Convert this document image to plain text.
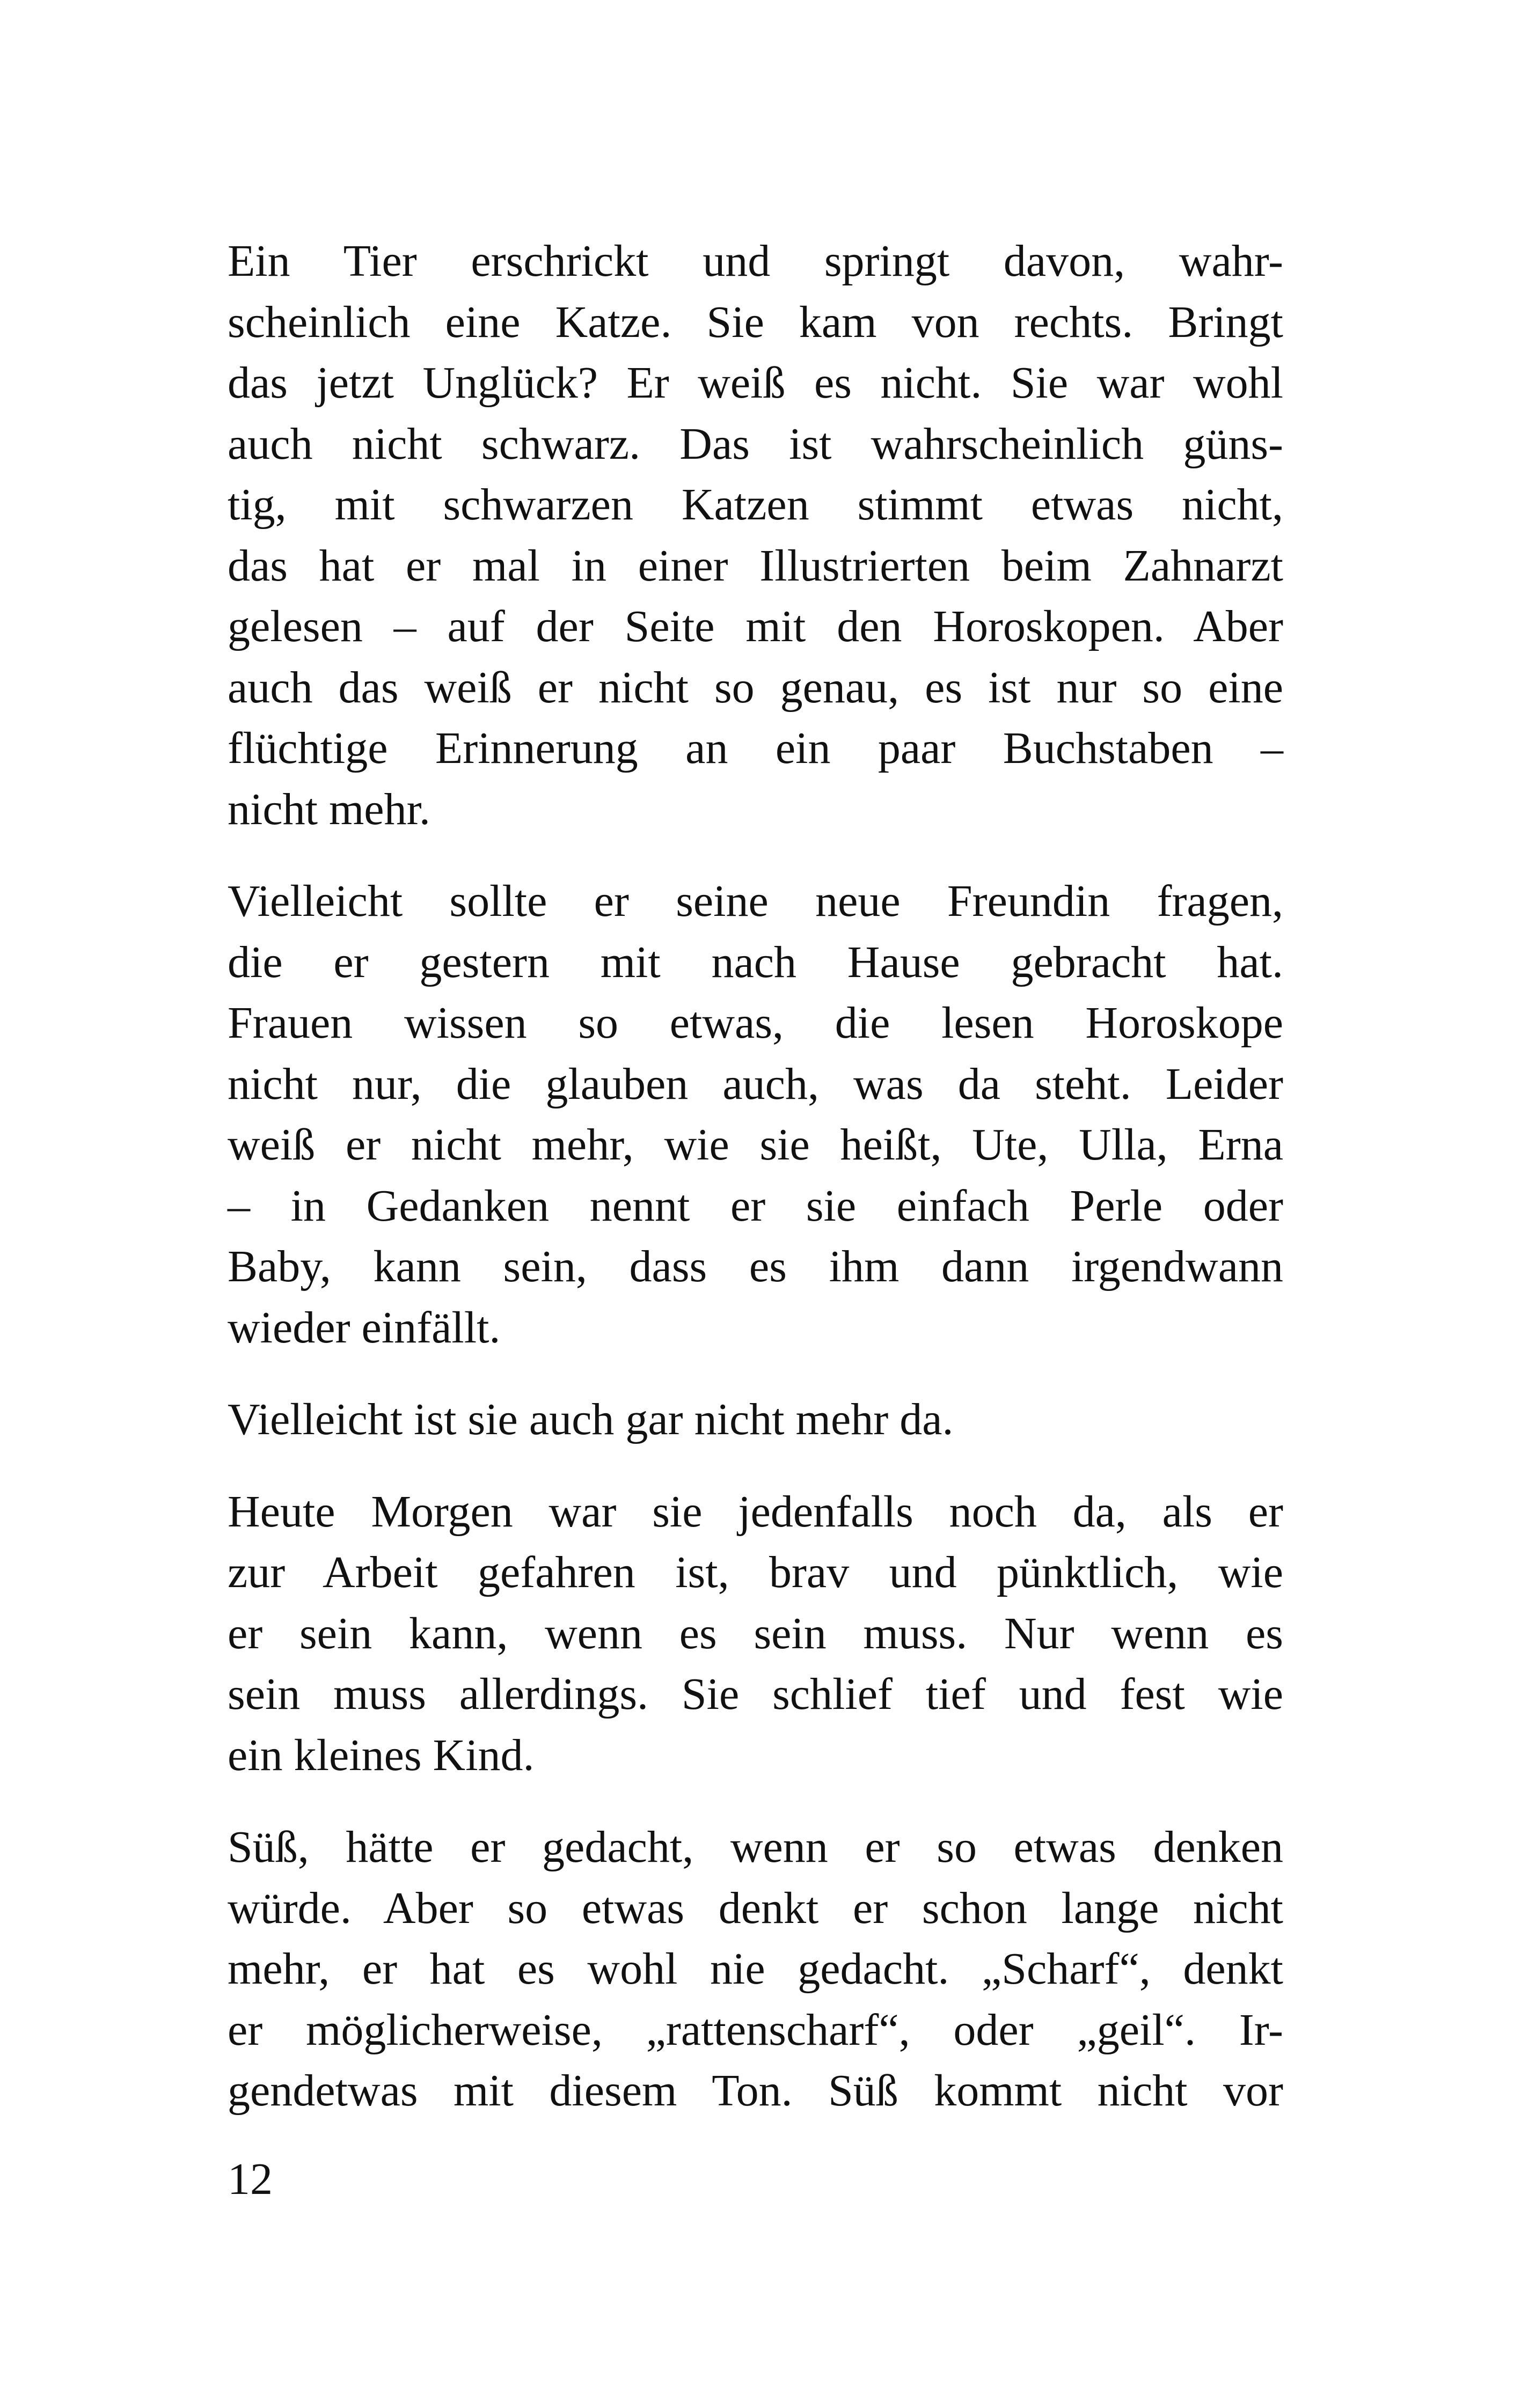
Ein Tier erschrickt und springt davon, wahr-
scheinlich eine Katze. Sie kam von rechts. Bringt
das jetzt Unglück? Er weiß es nicht. Sie war wohl
auch nicht schwarz. Das ist wahrscheinlich güns-
tig, mit schwarzen Katzen stimmt etwas nicht,
das hat er mal in einer Illustrierten beim Zahnarzt
gelesen – auf der Seite mit den Horoskopen. Aber
auch das weiß er nicht so genau, es ist nur so eine
flüchtige Erinnerung an ein paar Buchstaben –
nicht mehr.

Vielleicht sollte er seine neue Freundin fragen,
die er gestern mit nach Hause gebracht hat.
Frauen wissen so etwas, die lesen Horoskope
nicht nur, die glauben auch, was da steht. Leider
weiß er nicht mehr, wie sie heißt, Ute, Ulla, Erna
– in Gedanken nennt er sie einfach Perle oder
Baby, kann sein, dass es ihm dann irgendwann
wieder einfällt.

Vielleicht ist sie auch gar nicht mehr da.

Heute Morgen war sie jedenfalls noch da, als er
zur Arbeit gefahren ist, brav und pünktlich, wie
er sein kann, wenn es sein muss. Nur wenn es
sein muss allerdings. Sie schlief tief und fest wie
ein kleines Kind.

Süß, hätte er gedacht, wenn er so etwas denken
würde. Aber so etwas denkt er schon lange nicht
mehr, er hat es wohl nie gedacht. „Scharf“, denkt
er möglicherweise, „rattenscharf“, oder „geil“. Ir-
gendetwas mit diesem Ton. Süß kommt nicht vor

12
